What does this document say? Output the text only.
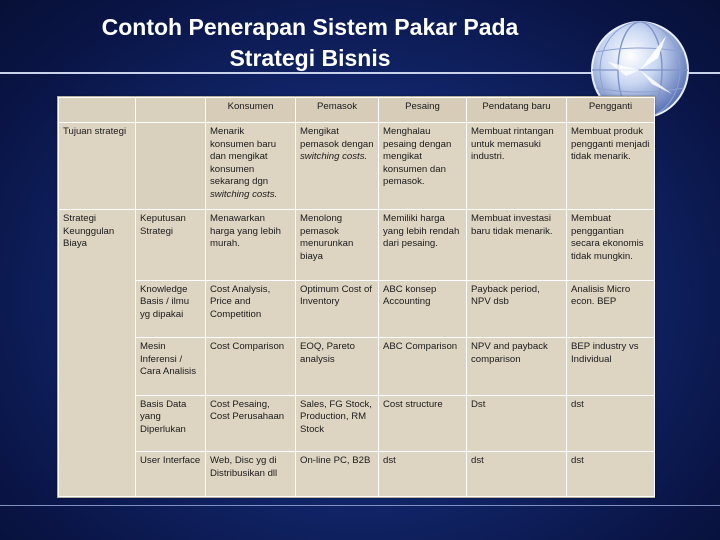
Contoh Penerapan Sistem Pakar Pada
Strategi Bisnis
		Konsumen	Pemasok	Pesaing	Pendatang baru	Pengganti
Tujuan strategi		Menarik konsumen baru dan mengikat konsumen sekarang dgn switching costs.	Mengikat pemasok dengan switching costs.	Menghalau pesaing dengan mengikat konsumen dan pemasok.	Membuat rintangan untuk memasuki industri.	Membuat produk pengganti menjadi tidak menarik.
Strategi Keunggulan Biaya	Keputusan Strategi	Menawarkan harga yang lebih murah.	Menolong pemasok menurunkan biaya	Memiliki harga yang lebih rendah dari pesaing.	Membuat investasi baru tidak menarik.	Membuat penggantian secara ekonomis tidak mungkin.
	Knowledge Basis / ilmu yg dipakai	Cost Analysis, Price and Competition	Optimum Cost of Inventory	ABC konsep Accounting	Payback period, NPV dsb	Analisis Micro econ. BEP
	Mesin Inferensi / Cara Analisis	Cost Comparison	EOQ, Pareto analysis	ABC Comparison	NPV and payback comparison	BEP industry vs Individual
	Basis Data yang Diperlukan	Cost Pesaing, Cost Perusahaan	Sales, FG Stock, Production, RM Stock	Cost structure	Dst	dst
	User Interface	Web, Disc yg di Distribusikan dll	On-line PC, B2B	dst	dst	dst
